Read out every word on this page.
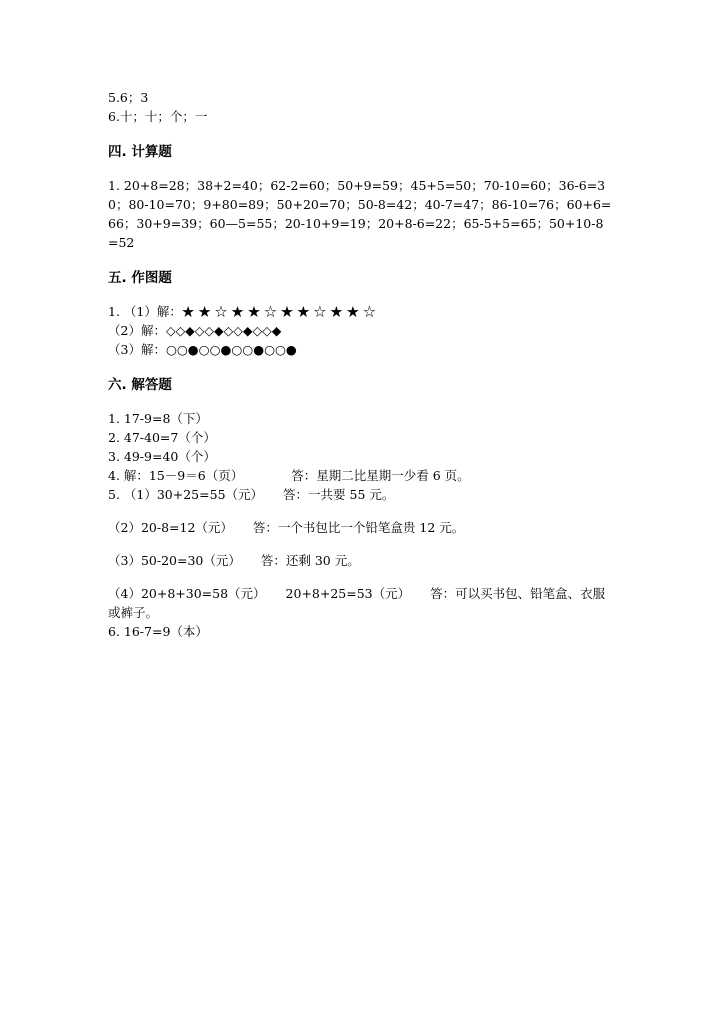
5.6；3
6.十；十；个；一
四. 计算题
1. 20+8=28；38+2=40；62-2=60；50+9=59；45+5=50；70-10=60；36-6=30；80-10=70；9+80=89；50+20=70；50-8=42；40-7=47；86-10=76；60+6=66；30+9=39；60—5=55；20-10+9=19；20+8-6=22；65-5+5=65；50+10-8=52
五. 作图题
1. （1）解：★ ★ ☆ ★ ★ ☆ ★ ★ ☆ ★ ★ ☆
（2）解：◇◇◆◇◇◆◇◇◆◇◇◆
（3）解：○○●○○●○○●○○●
六. 解答题
1. 17-9=8（下）
2. 47-40=7（个）
3. 49-9=40（个）
4. 解：15－9＝6（页）	答：星期二比星期一少看 6 页。
5. （1）30+25=55（元） 答：一共要 55 元。
（2）20-8=12（元） 答：一个书包比一个铅笔盒贵 12 元。
（3）50-20=30（元） 答：还剩 30 元。
（4）20+8+30=58（元） 20+8+25=53（元） 答：可以买书包、铅笔盒、衣服或裤子。
6. 16-7=9（本）
